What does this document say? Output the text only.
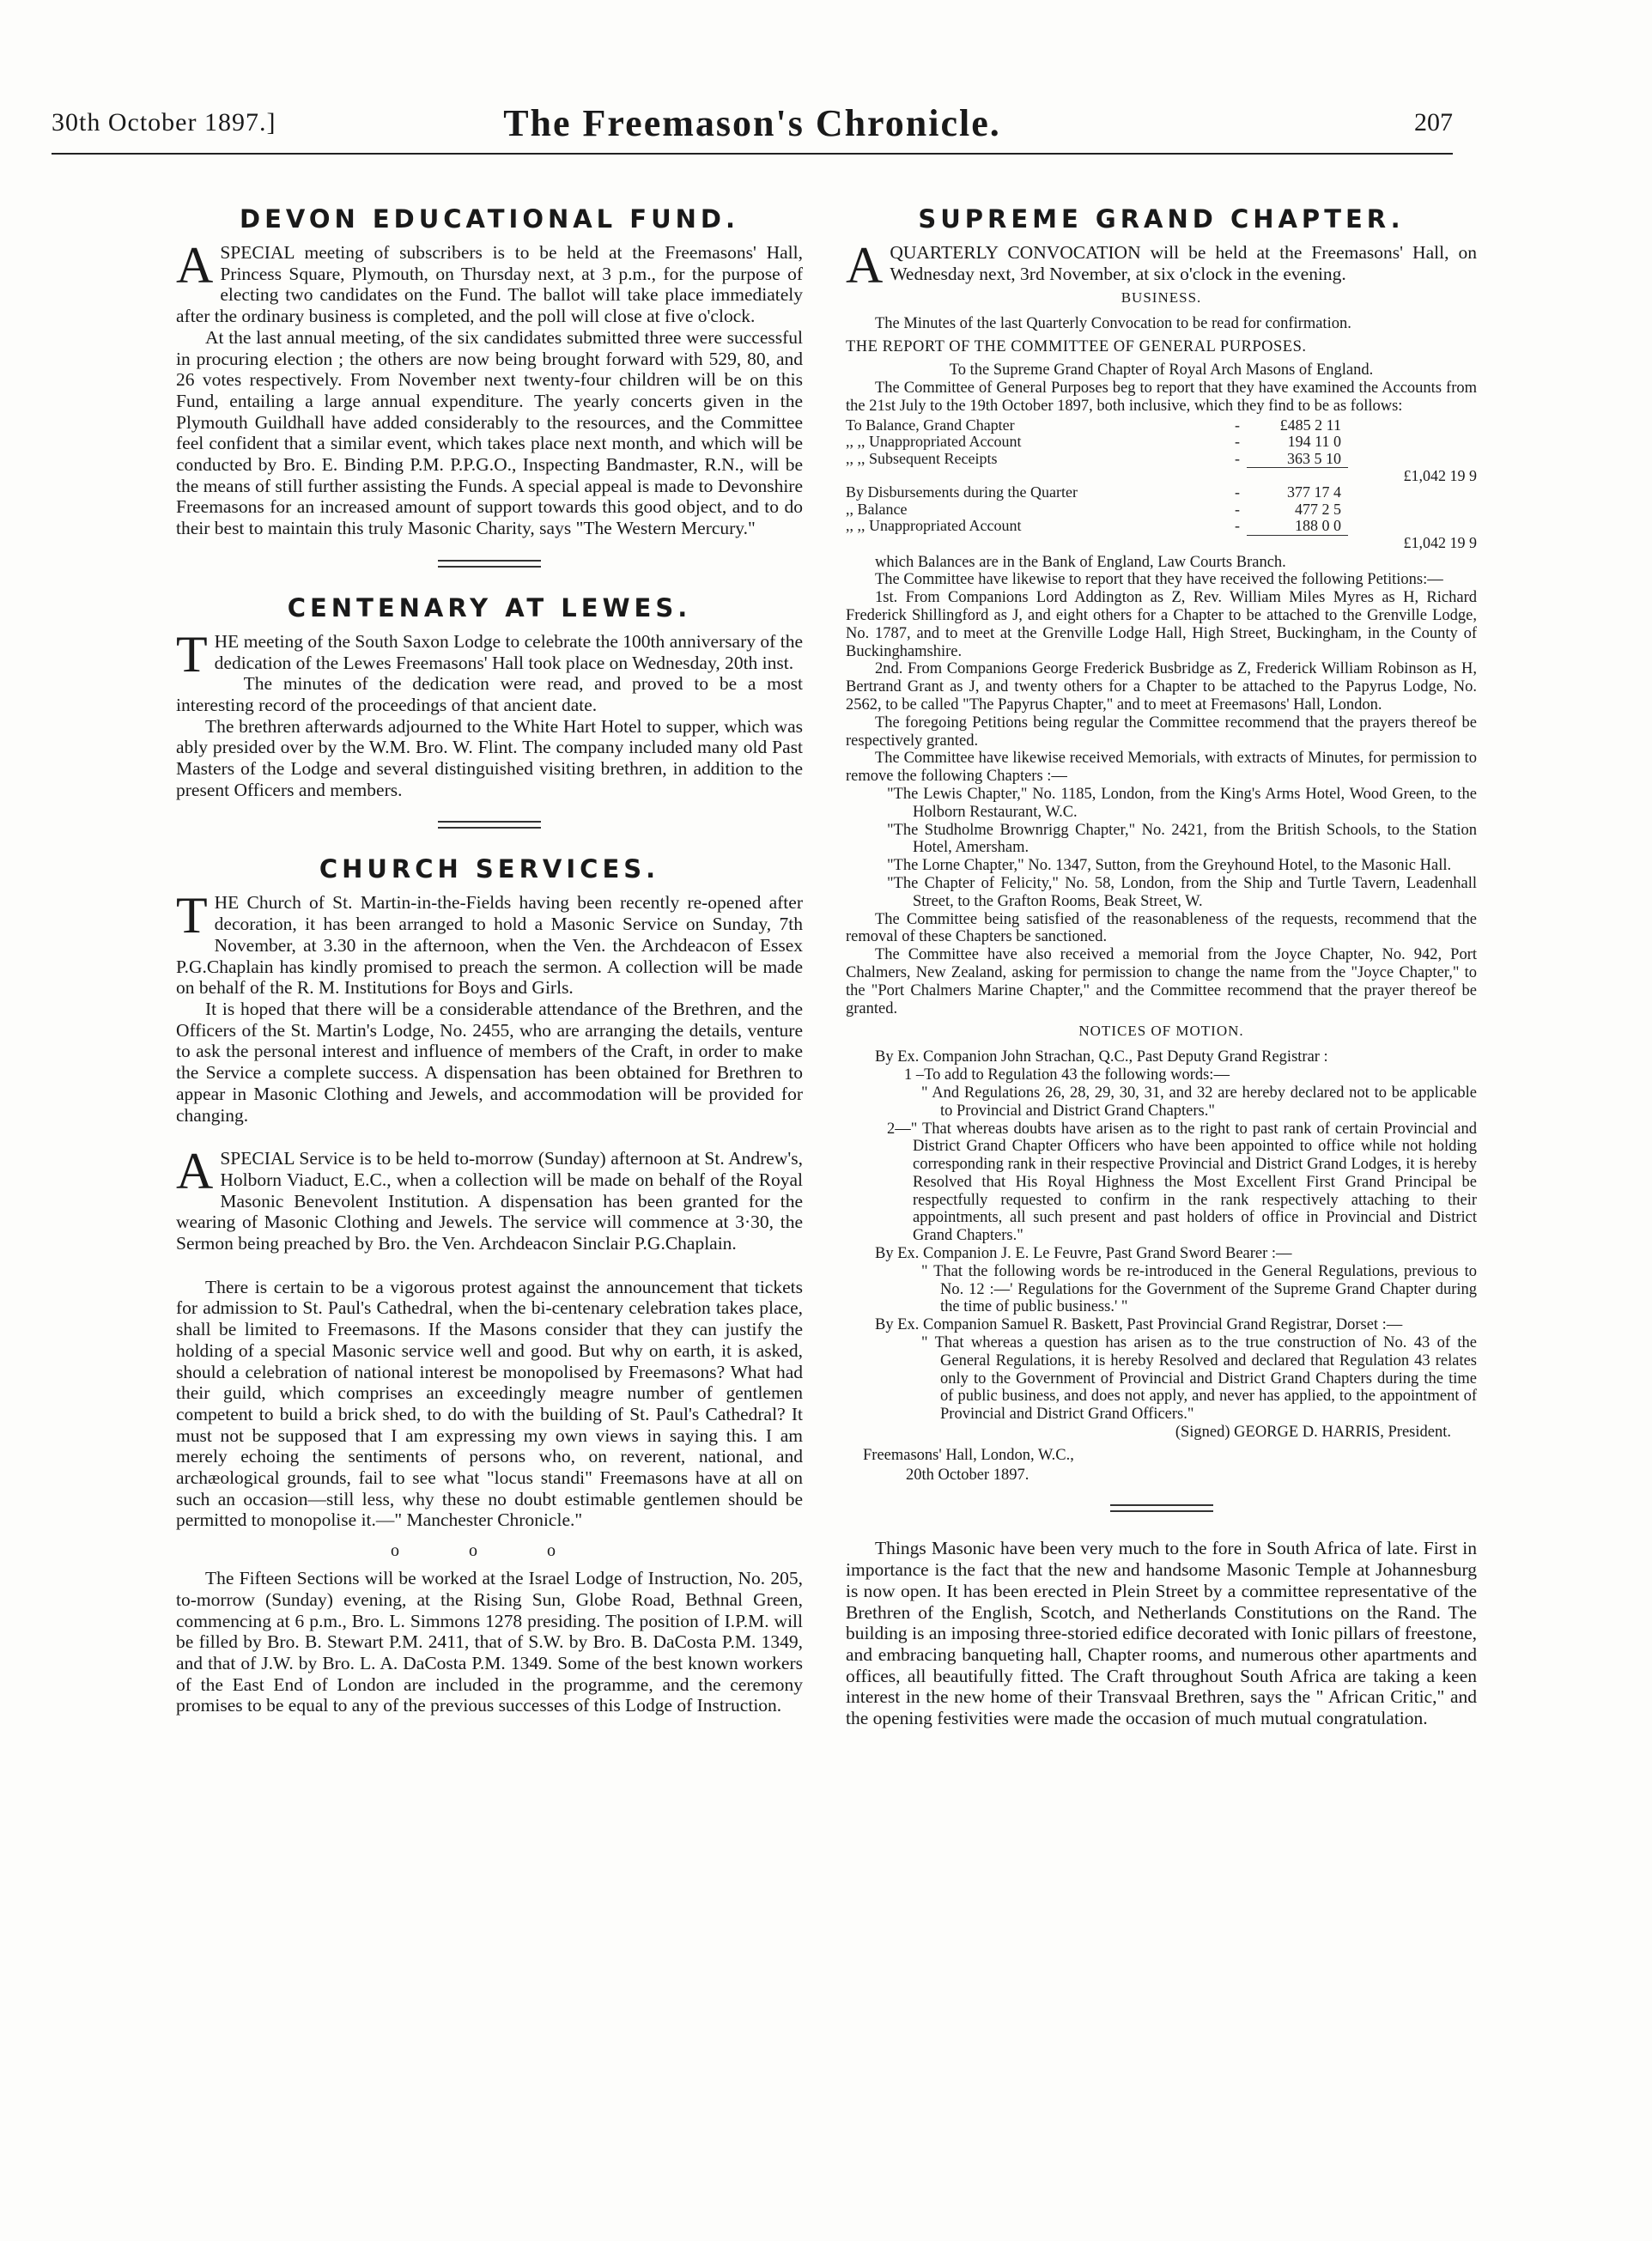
30th October 1897.]	The Freemason's Chronicle.	207
DEVON EDUCATIONAL FUND.

ASPECIAL meeting of subscribers is to be held at the Freemasons' Hall, Princess Square, Plymouth, on Thursday next, at 3 p.m., for the purpose of electing two candidates on the Fund. The ballot will take place immediately after the ordinary business is completed, and the poll will close at five o'clock.

At the last annual meeting, of the six candidates submitted three were successful in procuring election ; the others are now being brought forward with 529, 80, and 26 votes respectively. From November next twenty-four children will be on this Fund, entailing a large annual expenditure. The yearly concerts given in the Plymouth Guildhall have added considerably to the resources, and the Committee feel confident that a similar event, which takes place next month, and which will be conducted by Bro. E. Binding P.M. P.P.G.O., Inspecting Bandmaster, R.N., will be the means of still further assisting the Funds. A special appeal is made to Devonshire Freemasons for an increased amount of support towards this good object, and to do their best to maintain this truly Masonic Charity, says "The Western Mercury."

CENTENARY AT LEWES.

THE meeting of the South Saxon Lodge to celebrate the 100th anniversary of the dedication of the Lewes Freemasons' Hall took place on Wednesday, 20th inst.

The minutes of the dedication were read, and proved to be a most interesting record of the proceedings of that ancient date.

The brethren afterwards adjourned to the White Hart Hotel to supper, which was ably presided over by the W.M. Bro. W. Flint. The company included many old Past Masters of the Lodge and several distinguished visiting brethren, in addition to the present Officers and members.

CHURCH SERVICES.

THE Church of St. Martin-in-the-Fields having been recently re-opened after decoration, it has been arranged to hold a Masonic Service on Sunday, 7th November, at 3.30 in the afternoon, when the Ven. the Archdeacon of Essex P.G.Chaplain has kindly promised to preach the sermon. A collection will be made on behalf of the R. M. Institutions for Boys and Girls.

It is hoped that there will be a considerable attendance of the Brethren, and the Officers of the St. Martin's Lodge, No. 2455, who are arranging the details, venture to ask the personal interest and influence of members of the Craft, in order to make the Service a complete success. A dispensation has been obtained for Brethren to appear in Masonic Clothing and Jewels, and accommodation will be provided for changing.

ASPECIAL Service is to be held to-morrow (Sunday) afternoon at St. Andrew's, Holborn Viaduct, E.C., when a collection will be made on behalf of the Royal Masonic Benevolent Institution. A dispensation has been granted for the wearing of Masonic Clothing and Jewels. The service will commence at 3·30, the Sermon being preached by Bro. the Ven. Archdeacon Sinclair P.G.Chaplain.

There is certain to be a vigorous protest against the announcement that tickets for admission to St. Paul's Cathedral, when the bi-centenary celebration takes place, shall be limited to Freemasons. If the Masons consider that they can justify the holding of a special Masonic service well and good. But why on earth, it is asked, should a celebration of national interest be monopolised by Freemasons? What had their guild, which comprises an exceedingly meagre number of gentlemen competent to build a brick shed, to do with the building of St. Paul's Cathedral? It must not be supposed that I am expressing my own views in saying this. I am merely echoing the sentiments of persons who, on reverent, national, and archæological grounds, fail to see what "locus standi" Freemasons have at all on such an occasion—still less, why these no doubt estimable gentlemen should be permitted to monopolise it.—" Manchester Chronicle."

o o o

The Fifteen Sections will be worked at the Israel Lodge of Instruction, No. 205, to-morrow (Sunday) evening, at the Rising Sun, Globe Road, Bethnal Green, commencing at 6 p.m., Bro. L. Simmons 1278 presiding. The position of I.P.M. will be filled by Bro. B. Stewart P.M. 2411, that of S.W. by Bro. B. DaCosta P.M. 1349, and that of J.W. by Bro. L. A. DaCosta P.M. 1349. Some of the best known workers of the East End of London are included in the programme, and the ceremony promises to be equal to any of the previous successes of this Lodge of Instruction.

SUPREME GRAND CHAPTER.

AQUARTERLY CONVOCATION will be held at the Freemasons' Hall, on Wednesday next, 3rd November, at six o'clock in the evening.

BUSINESS.

The Minutes of the last Quarterly Convocation to be read for confirmation.

THE REPORT OF THE COMMITTEE OF GENERAL PURPOSES.

To the Supreme Grand Chapter of Royal Arch Masons of England.

The Committee of General Purposes beg to report that they have examined the Accounts from the 21st July to the 19th October 1897, both inclusive, which they find to be as follows:

To Balance, Grand Chapter	-	£485 2 11	
,, ,, Unappropriated Account	-	194 11 0	
,, ,, Subsequent Receipts	-	363 5 10	
			£1,042 19 9
By Disbursements during the Quarter	-	377 17 4	
,, Balance	-	477 2 5	
,, ,, Unappropriated Account	-	188 0 0	
			£1,042 19 9

which Balances are in the Bank of England, Law Courts Branch.

The Committee have likewise to report that they have received the following Petitions:—

1st. From Companions Lord Addington as Z, Rev. William Miles Myres as H, Richard Frederick Shillingford as J, and eight others for a Chapter to be attached to the Grenville Lodge, No. 1787, and to meet at the Grenville Lodge Hall, High Street, Buckingham, in the County of Buckinghamshire.

2nd. From Companions George Frederick Busbridge as Z, Frederick William Robinson as H, Bertrand Grant as J, and twenty others for a Chapter to be attached to the Papyrus Lodge, No. 2562, to be called "The Papyrus Chapter," and to meet at Freemasons' Hall, London.

The foregoing Petitions being regular the Committee recommend that the prayers thereof be respectively granted.

The Committee have likewise received Memorials, with extracts of Minutes, for permission to remove the following Chapters :—

"The Lewis Chapter," No. 1185, London, from the King's Arms Hotel, Wood Green, to the Holborn Restaurant, W.C.

"The Studholme Brownrigg Chapter," No. 2421, from the British Schools, to the Station Hotel, Amersham.

"The Lorne Chapter," No. 1347, Sutton, from the Greyhound Hotel, to the Masonic Hall.

"The Chapter of Felicity," No. 58, London, from the Ship and Turtle Tavern, Leadenhall Street, to the Grafton Rooms, Beak Street, W.

The Committee being satisfied of the reasonableness of the requests, recommend that the removal of these Chapters be sanctioned.

The Committee have also received a memorial from the Joyce Chapter, No. 942, Port Chalmers, New Zealand, asking for permission to change the name from the "Joyce Chapter," to the "Port Chalmers Marine Chapter," and the Committee recommend that the prayer thereof be granted.

NOTICES OF MOTION.

By Ex. Companion John Strachan, Q.C., Past Deputy Grand Registrar :

1 –To add to Regulation 43 the following words:—

" And Regulations 26, 28, 29, 30, 31, and 32 are hereby declared not to be applicable to Provincial and District Grand Chapters."

2—" That whereas doubts have arisen as to the right to past rank of certain Provincial and District Grand Chapter Officers who have been appointed to office while not holding corresponding rank in their respective Provincial and District Grand Lodges, it is hereby Resolved that His Royal Highness the Most Excellent First Grand Principal be respectfully requested to confirm in the rank respectively attaching to their appointments, all such present and past holders of office in Provincial and District Grand Chapters."

By Ex. Companion J. E. Le Feuvre, Past Grand Sword Bearer :—

" That the following words be re-introduced in the General Regulations, previous to No. 12 :—' Regulations for the Government of the Supreme Grand Chapter during the time of public business.' "

By Ex. Companion Samuel R. Baskett, Past Provincial Grand Registrar, Dorset :—

" That whereas a question has arisen as to the true construction of No. 43 of the General Regulations, it is hereby Resolved and declared that Regulation 43 relates only to the Government of Provincial and District Grand Chapters during the time of public business, and does not apply, and never has applied, to the appointment of Provincial and District Grand Officers."

(Signed) GEORGE D. HARRIS, President.

Freemasons' Hall, London, W.C.,

20th October 1897.

Things Masonic have been very much to the fore in South Africa of late. First in importance is the fact that the new and handsome Masonic Temple at Johannesburg is now open. It has been erected in Plein Street by a committee representative of the Brethren of the English, Scotch, and Netherlands Constitutions on the Rand. The building is an imposing three-storied edifice decorated with Ionic pillars of freestone, and embracing banqueting hall, Chapter rooms, and numerous other apartments and offices, all beautifully fitted. The Craft throughout South Africa are taking a keen interest in the new home of their Transvaal Brethren, says the " African Critic," and the opening festivities were made the occasion of much mutual congratulation.
